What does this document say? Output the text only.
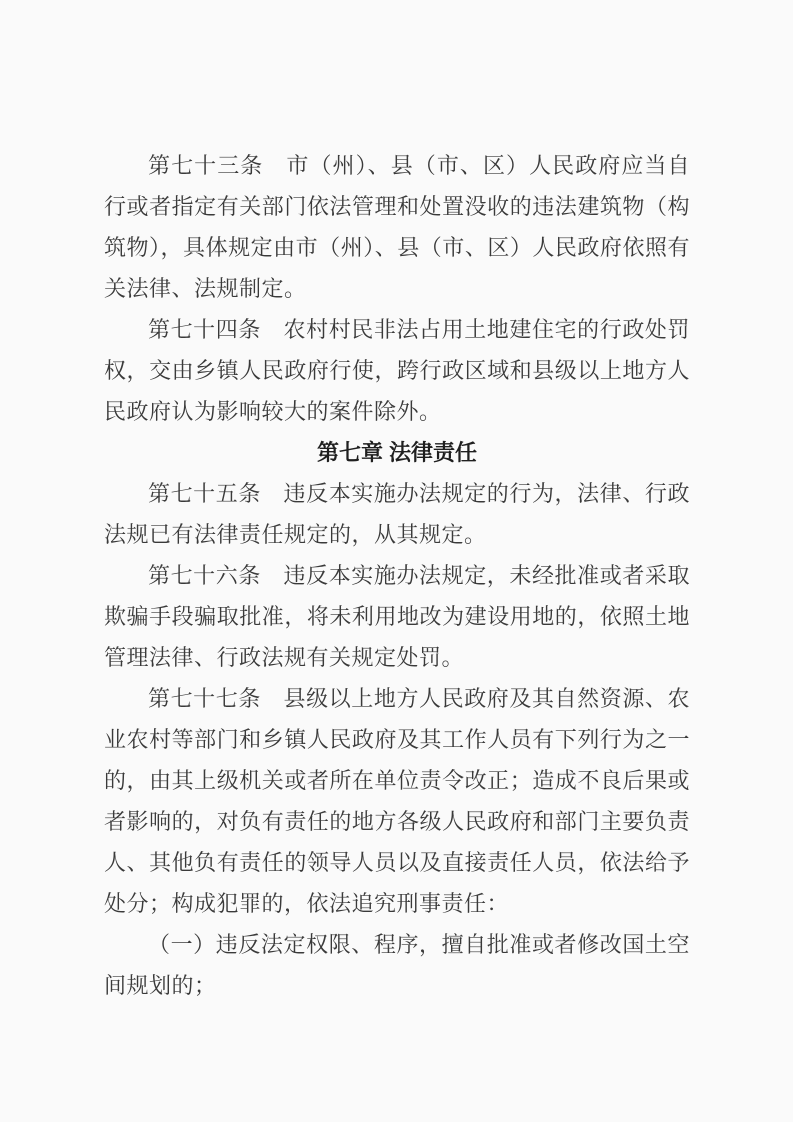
第七十三条　市（州）、县（市、区）人民政府应当自行或者指定有关部门依法管理和处置没收的违法建筑物（构筑物），具体规定由市（州）、县（市、区）人民政府依照有关法律、法规制定。

第七十四条　农村村民非法占用土地建住宅的行政处罚权，交由乡镇人民政府行使，跨行政区域和县级以上地方人民政府认为影响较大的案件除外。

第七章 法律责任

第七十五条　违反本实施办法规定的行为，法律、行政法规已有法律责任规定的，从其规定。

第七十六条　违反本实施办法规定，未经批准或者采取欺骗手段骗取批准，将未利用地改为建设用地的，依照土地管理法律、行政法规有关规定处罚。

第七十七条　县级以上地方人民政府及其自然资源、农业农村等部门和乡镇人民政府及其工作人员有下列行为之一的，由其上级机关或者所在单位责令改正；造成不良后果或者影响的，对负有责任的地方各级人民政府和部门主要负责人、其他负有责任的领导人员以及直接责任人员，依法给予处分；构成犯罪的，依法追究刑事责任：

（一）违反法定权限、程序，擅自批准或者修改国土空间规划的；
